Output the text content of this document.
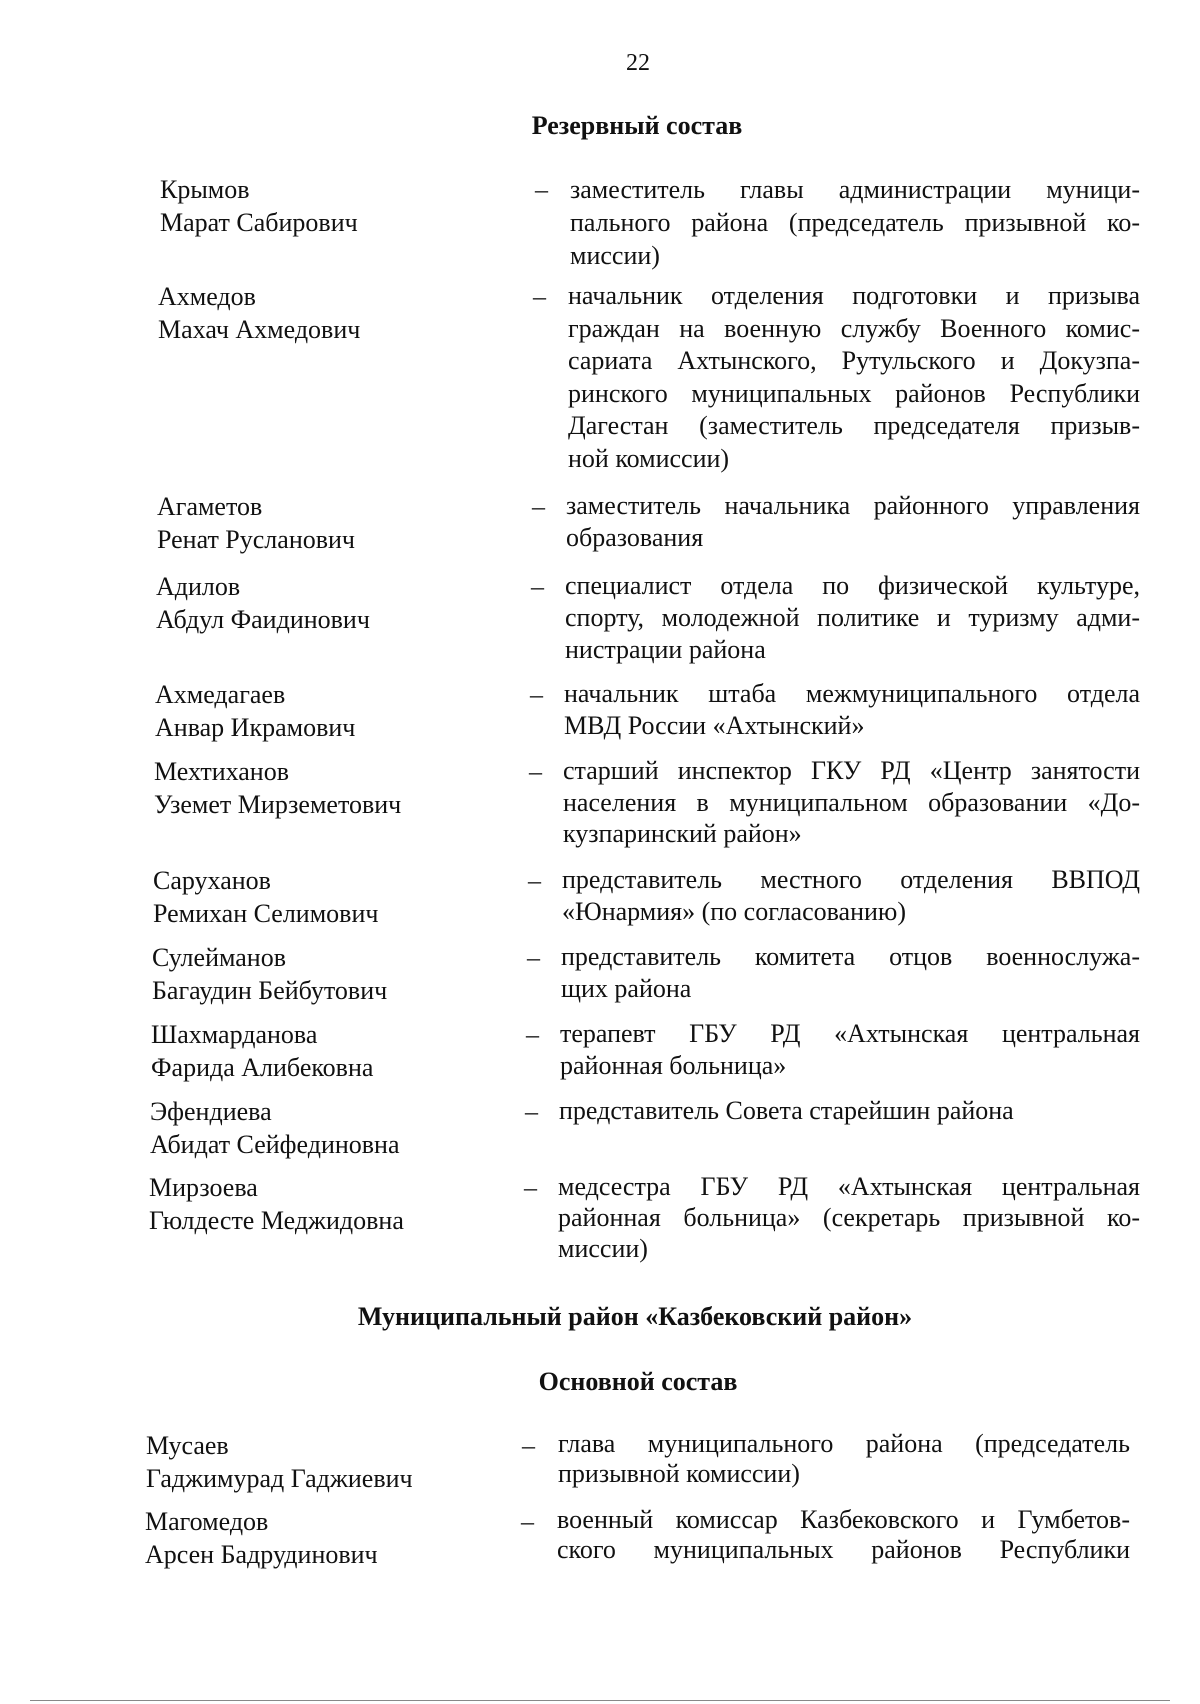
22
Резервный состав
Крымов
Марат Сабирович
– заместитель главы администрации муници-
пального района (председатель призывной ко-
миссии)
Ахмедов
Махач Ахмедович
– начальник отделения подготовки и призыва
граждан на военную службу Военного комис-
сариата Ахтынского, Рутульского и Докузпа-
ринского муниципальных районов Республики
Дагестан (заместитель председателя призыв-
ной комиссии)
Агаметов
Ренат Русланович
– заместитель начальника районного управления
образования
Адилов
Абдул Фаидинович
– специалист отдела по физической культуре,
спорту, молодежной политике и туризму адми-
нистрации района
Ахмедагаев
Анвар Икрамович
– начальник штаба межмуниципального отдела
МВД России «Ахтынский»
Мехтиханов
Уземет Мирземетович
– старший инспектор ГКУ РД «Центр занятости
населения в муниципальном образовании «До-
кузпаринский район»
Саруханов
Ремихан Селимович
– представитель местного отделения ВВПОД
«Юнармия» (по согласованию)
Сулейманов
Багаудин Бейбутович
– представитель комитета отцов военнослужа-
щих района
Шахмарданова
Фарида Алибековна
– терапевт ГБУ РД «Ахтынская центральная
районная больница»
Эфендиева
Абидат Сейфединовна
– представитель Совета старейшин района
Мирзоева
Гюлдесте Меджидовна
– медсестра ГБУ РД «Ахтынская центральная
районная больница» (секретарь призывной ко-
миссии)
Муниципальный район «Казбековский район»
Основной состав
Мусаев
Гаджимурад Гаджиевич
– глава муниципального района (председатель
призывной комиссии)
Магомедов
Арсен Бадрудинович
– военный комиссар Казбековского и Гумбетов-
ского муниципальных районов Республики
